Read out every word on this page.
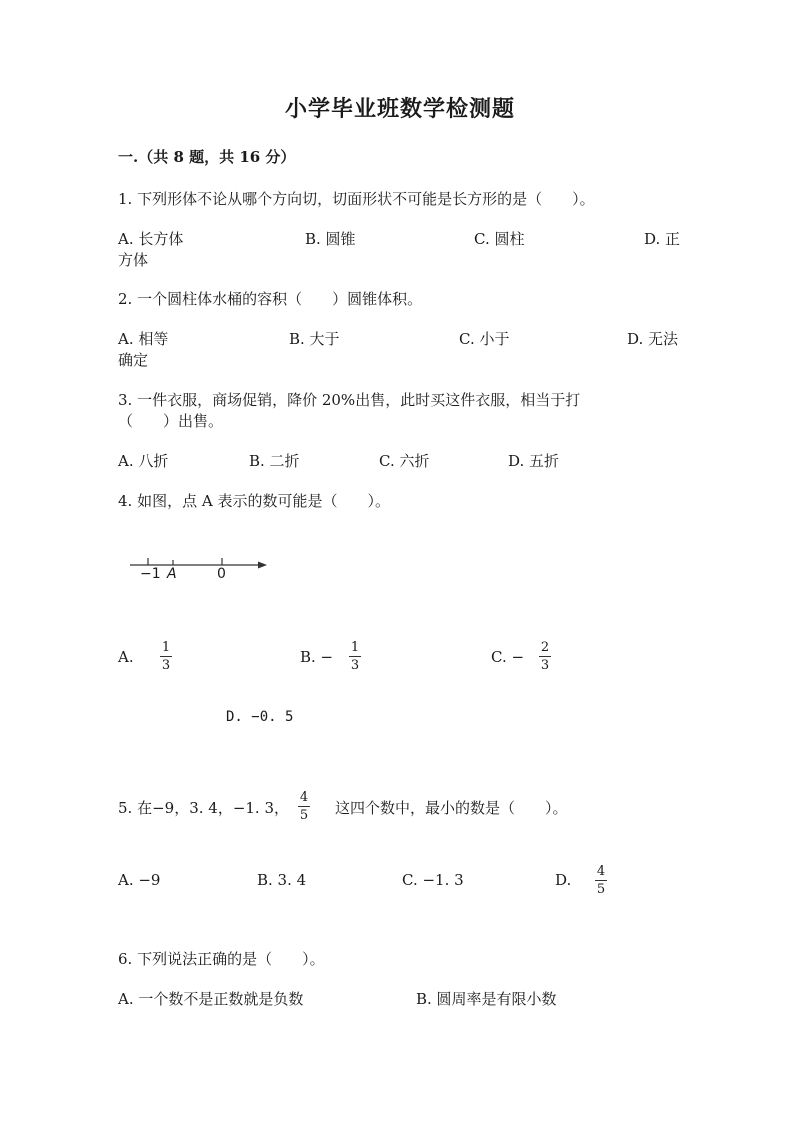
小学毕业班数学检测题
一.（共 8 题，共 16 分）
1. 下列形体不论从哪个方向切，切面形状不可能是长方形的是（　　）。
A. 长方体	B. 圆锥	C. 圆柱	D. 正
方体
2. 一个圆柱体水桶的容积（　　）圆锥体积。
A. 相等	B. 大于	C. 小于	D. 无法
确定
3. 一件衣服，商场促销，降价 20%出售，此时买这件衣服，相当于打
（　　）出售。
A. 八折	B. 二折	C. 六折	D. 五折
4. 如图，点 A 表示的数可能是（　　）。
−1 A	0
A.
1
3	B. −
1
3	C. −
2
3
D. −0. 5
5. 在−9，3. 4，−1. 3，
4
5 这四个数中，最小的数是（　　）。
A. −9	B. 3. 4	C. −1. 3	D. 4
5
6. 下列说法正确的是（　　）。
A. 一个数不是正数就是负数	B. 圆周率是有限小数
